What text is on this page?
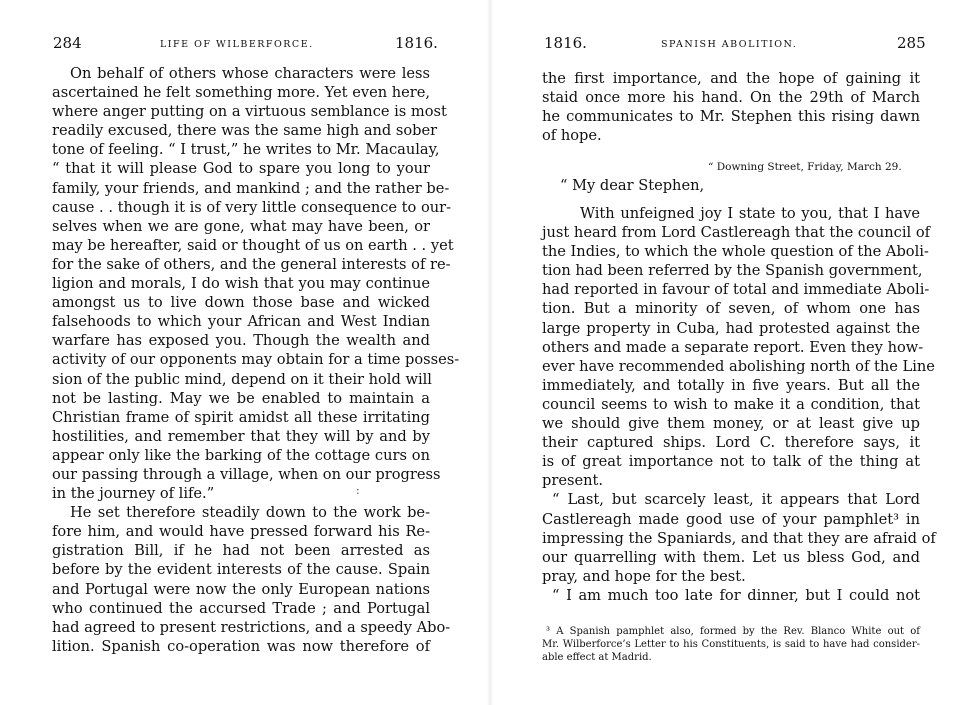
284	LIFE OF WILBERFORCE.	1816.
On behalf of others whose characters were less
ascertained he felt something more. Yet even here,
where anger putting on a virtuous semblance is most
readily excused, there was the same high and sober
tone of feeling. “ I trust,” he writes to Mr. Macaulay,
“ that it will please God to spare you long to your
family, your friends, and mankind ; and the rather be-
cause . . though it is of very little consequence to our-
selves when we are gone, what may have been, or
may be hereafter, said or thought of us on earth . . yet
for the sake of others, and the general interests of re-
ligion and morals, I do wish that you may continue
amongst us to live down those base and wicked
falsehoods to which your African and West Indian
warfare has exposed you. Though the wealth and
activity of our opponents may obtain for a time posses-
sion of the public mind, depend on it their hold will
not be lasting. May we be enabled to maintain a
Christian frame of spirit amidst all these irritating
hostilities, and remember that they will by and by
appear only like the barking of the cottage curs on
our passing through a village, when on our progress
in the journey of life.”
He set therefore steadily down to the work be-
fore him, and would have pressed forward his Re-
gistration Bill, if he had not been arrested as
before by the evident interests of the cause. Spain
and Portugal were now the only European nations
who continued the accursed Trade ; and Portugal
had agreed to present restrictions, and a speedy Abo-
lition. Spanish co-operation was now therefore of
:
1816.	SPANISH ABOLITION.	285
the first importance, and the hope of gaining it
staid once more his hand. On the 29th of March
he communicates to Mr. Stephen this rising dawn
of hope.
“ Downing Street, Friday, March 29.
“ My dear Stephen,
With unfeigned joy I state to you, that I have
just heard from Lord Castlereagh that the council of
the Indies, to which the whole question of the Aboli-
tion had been referred by the Spanish government,
had reported in favour of total and immediate Aboli-
tion. But a minority of seven, of whom one has
large property in Cuba, had protested against the
others and made a separate report. Even they how-
ever have recommended abolishing north of the Line
immediately, and totally in five years. But all the
council seems to wish to make it a condition, that
we should give them money, or at least give up
their captured ships. Lord C. therefore says, it
is of great importance not to talk of the thing at
present.
“ Last, but scarcely least, it appears that Lord
Castlereagh made good use of your pamphlet³ in
impressing the Spaniards, and that they are afraid of
our quarrelling with them. Let us bless God, and
pray, and hope for the best.
“ I am much too late for dinner, but I could not
³ A Spanish pamphlet also, formed by the Rev. Blanco White out of
Mr. Wilberforce’s Letter to his Constituents, is said to have had consider-
able effect at Madrid.
